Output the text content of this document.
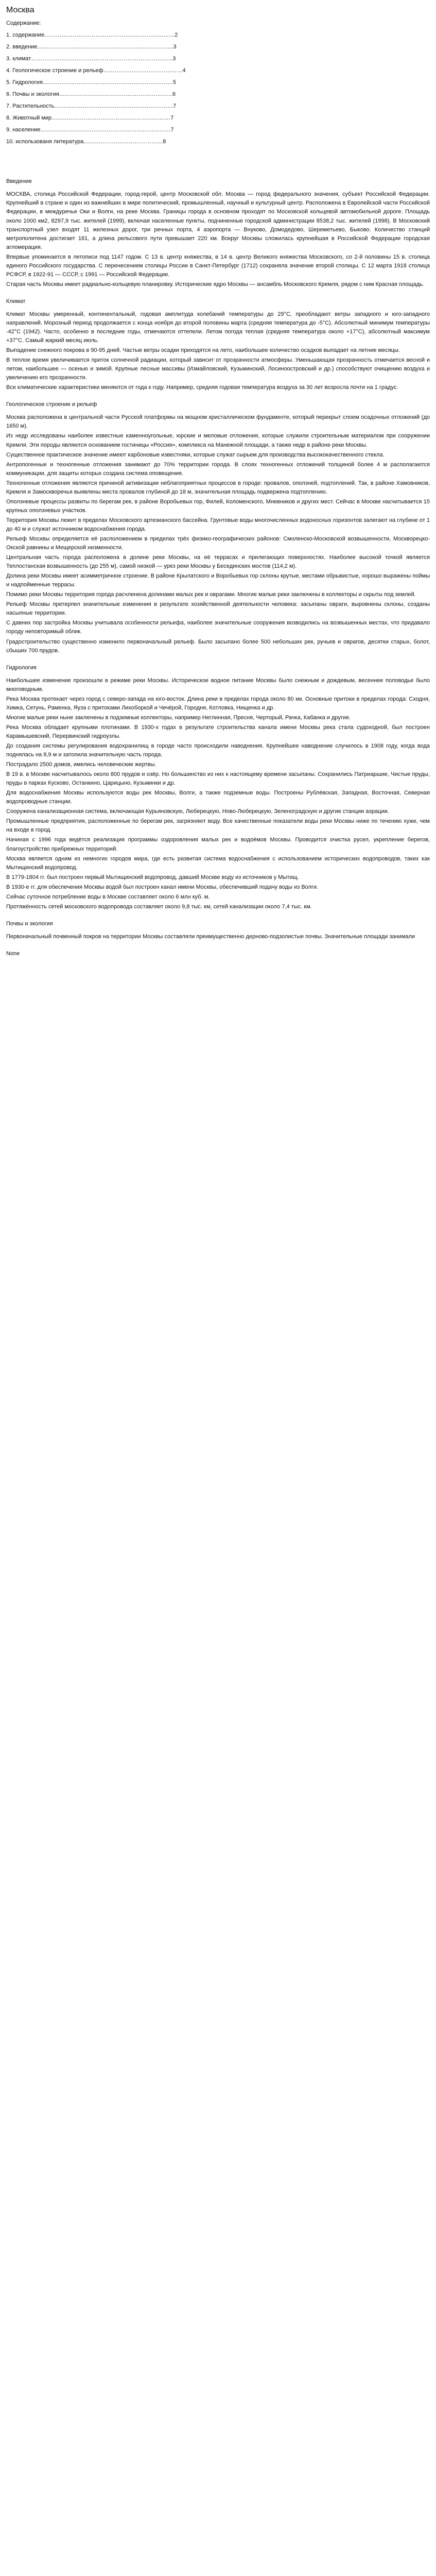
Москва
Содержание:
1. содержание……………………………………………………………2
2. введение………………………………………………………………3
3. климат…………………………………………………………………3
4. Геологическое строение и рельеф……………………………………4
5. Гидрология……………………………………………………………5
6. Почвы и экология……………………………………………………6
7. Растительность………………………………………………………7
8. Животный мир………………………………………………………7
9. население……………………………………………………………7
10. использованя литература……………………………………8
Введение

МОСКВА, столица Российской Федерации, город-герой, центр Московской обл. Москва — город федерального значения, субъект Российской Федерации. Крупнейший в стране и один из важнейших в мире политический, промышленный, научный и культурный центр. Расположена в Европейской части Российской Федерации, в междуречье Оки и Волги, на реке Москва. Границы города в основном проходят по Московской кольцевой автомобильной дороге. Площадь около 1000 км2, 8297,9 тыс. жителей (1999), включая населенные пункты, подчиненные городской администрации 8538,2 тыс. жителей (1998). В Московский транспортный узел входят 11 железных дорог, три речных порта, 4 аэропорта — Внуково, Домодедово, Шереметьево, Быково. Количество станций метрополитена достигает 161, а длина рельсового пути превышает 220 км. Вокруг Москвы сложилась крупнейшая в Российской Федерации городская агломерация.

Впервые упоминается в летописи под 1147 годом. С 13 в. центр княжества, в 14 в. центр Великого княжества Московского, со 2-й половины 15 в. столица единого Российского государства. С перенесением столицы России в Санкт-Петербург (1712) сохраняла значение второй столицы. С 12 марта 1918 столица РСФСР, в 1922-91 — СССР, с 1991 — Российской Федерации.

Старая часть Москвы имеет радиально-кольцевую планировку. Исторические ядро Москвы — ансамбль Московского Кремля, рядом с ним Красная площадь.

Климат

Климат Москвы умеренный, континентальный, годовая амплитуда колебаний температуры до 29°С, преобладают ветры западного и юго-западного направлений. Морозный период продолжается с конца ноября до второй половины марта (средняя температура до -5°С). Абсолютный минимум температуры -42°С (1942). Часто, особенно в последние годы, отмечаются оттепели. Летом погода теплая (средняя температура около +17°С), абсолютный максимум +37°С. Самый жаркий месяц июль.

Выпадение снежного покрова в 90-95 дней. Частые ветры осадки приходятся на лето, наибольшее количество осадков выпадает на летние месяцы.

В теплое время увеличивается приток солнечной радиации, который зависит от прозрачности атмосферы. Уменьшающая прозрачность отмечается весной и летом, наибольшее — осенью и зимой. Крупные лесные массивы (Измайловский, Кузьминский, Лосиноостровский и др.) способствуют очищению воздуха и увеличению его прозрачности.

Все климатические характеристики меняются от года к году. Например, средняя годовая температура воздуха за 30 лет возросла почти на 1 градус.

Геологическое строение и рельеф

Москва расположена в центральной части Русской платформы на мощном кристаллическом фундаменте, который перекрыт слоем осадочных отложений (до 1650 м).

Из недр исследованы наиболее известные каменноугольные, юрские и меловые отложения, которые служили строительным материалом при сооружении Кремля. Эти породы являются основанием гостиницы «Россия», комплекса на Манежной площади, а также недр в районе реки Москвы.

Существенное практическое значение имеют карбоновые известняки, которые служат сырьем для производства высококачественного стекла.

Антропогенные и техногенные отложения занимают до 70% территории города. В слоях техногенных отложений толщиной более 4 м располагаются коммуникации, для защиты которых создана система оповещения.

Техногенные отложения являются причиной активизации неблагоприятных процессов в городе: провалов, оползней, подтоплений. Так, в районе Хамовников, Кремля и Замоскворечья выявлены места провалов глубиной до 18 м, значительная площадь подвержена подтоплению.

Оползневые процессы развиты по берегам рек, в районе Воробьевых гор, Филей, Коломенского, Мневников и других мест. Сейчас в Москве насчитывается 15 крупных оползневых участков.

Территория Москвы лежит в пределах Московского артезианского бассейна. Грунтовые воды многочисленных водоносных горизонтов залегают на глубине от 1 до 40 м и служат источником водоснабжения города.

Рельеф Москвы определяется её расположением в пределах трёх физико-географических районов: Смоленско-Московской возвышенности, Москворецко-Окской равнины и Мещерской низменности.

Центральная часть города расположена в долине реки Москвы, на её террасах и прилегающих поверхностях. Наиболее высокой точкой является Теплостанская возвышенность (до 255 м), самой низкой — урез реки Москвы у Бесединских мостов (114,2 м).

Долина реки Москвы имеет асимметричное строение. В районе Крылатского и Воробьевых гор склоны крутые, местами обрывистые, хорошо выражены поймы и надпойменные террасы.

Помимо реки Москвы территория города расчленена долинами малых рек и оврагами. Многие малые реки заключены в коллекторы и скрыты под землей.

Рельеф Москвы претерпел значительные изменения в результате хозяйственной деятельности человека: засыпаны овраги, выровнены склоны, созданы насыпные территории.

С давних пор застройка Москвы учитывала особенности рельефа, наиболее значительные сооружения возводились на возвышенных местах, что придавало городу неповторимый облик.

Градостроительство существенно изменило первоначальный рельеф. Было засыпано более 500 небольших рек, ручьев и оврагов, десятки старых, болот, сбыших 700 прудов.

Гидрология

Наибольшее изменение произошли в режиме реки Москвы. Историческое водное питание Москвы было снежным и дождевым, весеннее половодье было многоводным.

Река Москва протекает через город с северо-запада на юго-восток. Длина реки в пределах города около 80 км. Основные притоки в пределах города: Сходня, Химка, Сетунь, Раменка, Яуза с притоками Лихоборкой и Чечёрой, Городня, Котловка, Нищенка и др.

Многие малые реки ныне заключены в подземные коллекторы, например Неглинная, Пресня, Черторый, Рачка, Кабанка и другие.

Река Москва обладает крупными плотинами. В 1930-х годах в результате строительства канала имени Москвы река стала судоходной, был построен Карамышевский, Перервинский гидроузлы.

До создания системы регулирования водохранилищ в городе часто происходили наводнения. Крупнейшее наводнение случилось в 1908 году, когда вода поднялась на 8,9 м и затопила значительную часть города.

Пострадало 2500 домов, имелись человеческие жертвы.

В 19 в. в Москве насчитывалось около 800 прудов и озёр. Но большинство из них к настоящему времени засыпаны. Сохранились Патриаршие, Чистые пруды, пруды в парках Кусково, Останкино, Царицыно, Кузьминки и др.

Для водоснабжения Москвы используются воды рек Москвы, Волги, а также подземные воды. Построены Рублёвская, Западная, Восточная, Северная водопроводные станции.

Сооружена канализационная система, включающая Курьяновскую, Люберецкую, Ново-Люберецкую, Зеленоградскую и другие станции аэрации.

Промышленные предприятия, расположенные по берегам рек, загрязняют воду. Все качественные показатели воды реки Москвы ниже по течению хуже, чем на входе в город.

Начиная с 1996 года ведётся реализация программы оздоровления малых рек и водоёмов Москвы. Проводится очистка русел, укрепление берегов, благоустройство прибрежных территорий.

Москва является одним из немногих городов мира, где есть развитая система водоснабжения с использованием исторических водопроводов, таких как Мытищинский водопровод.

В 1779-1804 гг. был построен первый Мытищинский водопровод, давший Москве воду из источников у Мытищ.

В 1930-е гг. для обеспечения Москвы водой был построен канал имени Москвы, обеспечивший подачу воды из Волги.

Сейчас суточное потребление воды в Москве составляет около 6 млн куб. м.

Протяжённость сетей московского водопровода составляет около 9,8 тыс. км, сетей канализации около 7,4 тыс. км.

Почвы и экология

Первоначальный почвенный покров на территории Москвы составляли преимущественно дерново-подзолистые почвы. Значительные площади занимали

None
